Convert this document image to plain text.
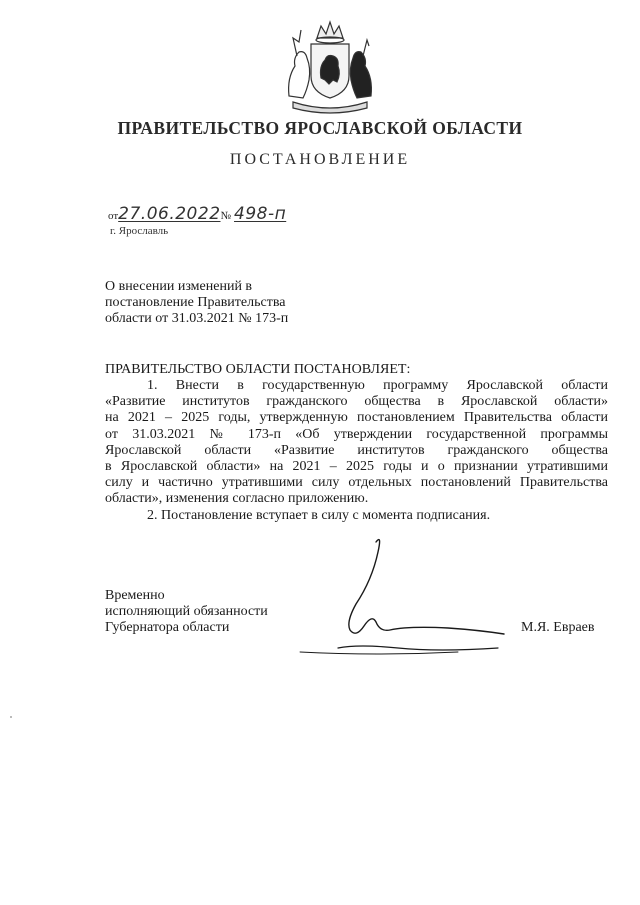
ПРАВИТЕЛЬСТВО ЯРОСЛАВСКОЙ ОБЛАСТИ
ПОСТАНОВЛЕНИЕ
от27.06.2022№ 498-п
г. Ярославль
О внесении изменений в
постановление Правительства
области от 31.03.2021 № 173-п
ПРАВИТЕЛЬСТВО ОБЛАСТИ ПОСТАНОВЛЯЕТ:
1. Внести в государственную программу Ярославской области
«Развитие институтов гражданского общества в Ярославской области»
на 2021 – 2025 годы, утвержденную постановлением Правительства области
от 31.03.2021 № 173-п «Об утверждении государственной программы
Ярославской области «Развитие институтов гражданского общества
в Ярославской области» на 2021 – 2025 годы и о признании утратившими
силу и частично утратившими силу отдельных постановлений Правительства
области», изменения согласно приложению.
2. Постановление вступает в силу с момента подписания.
Временно
исполняющий обязанности
Губернатора области	М.Я. Евраев
